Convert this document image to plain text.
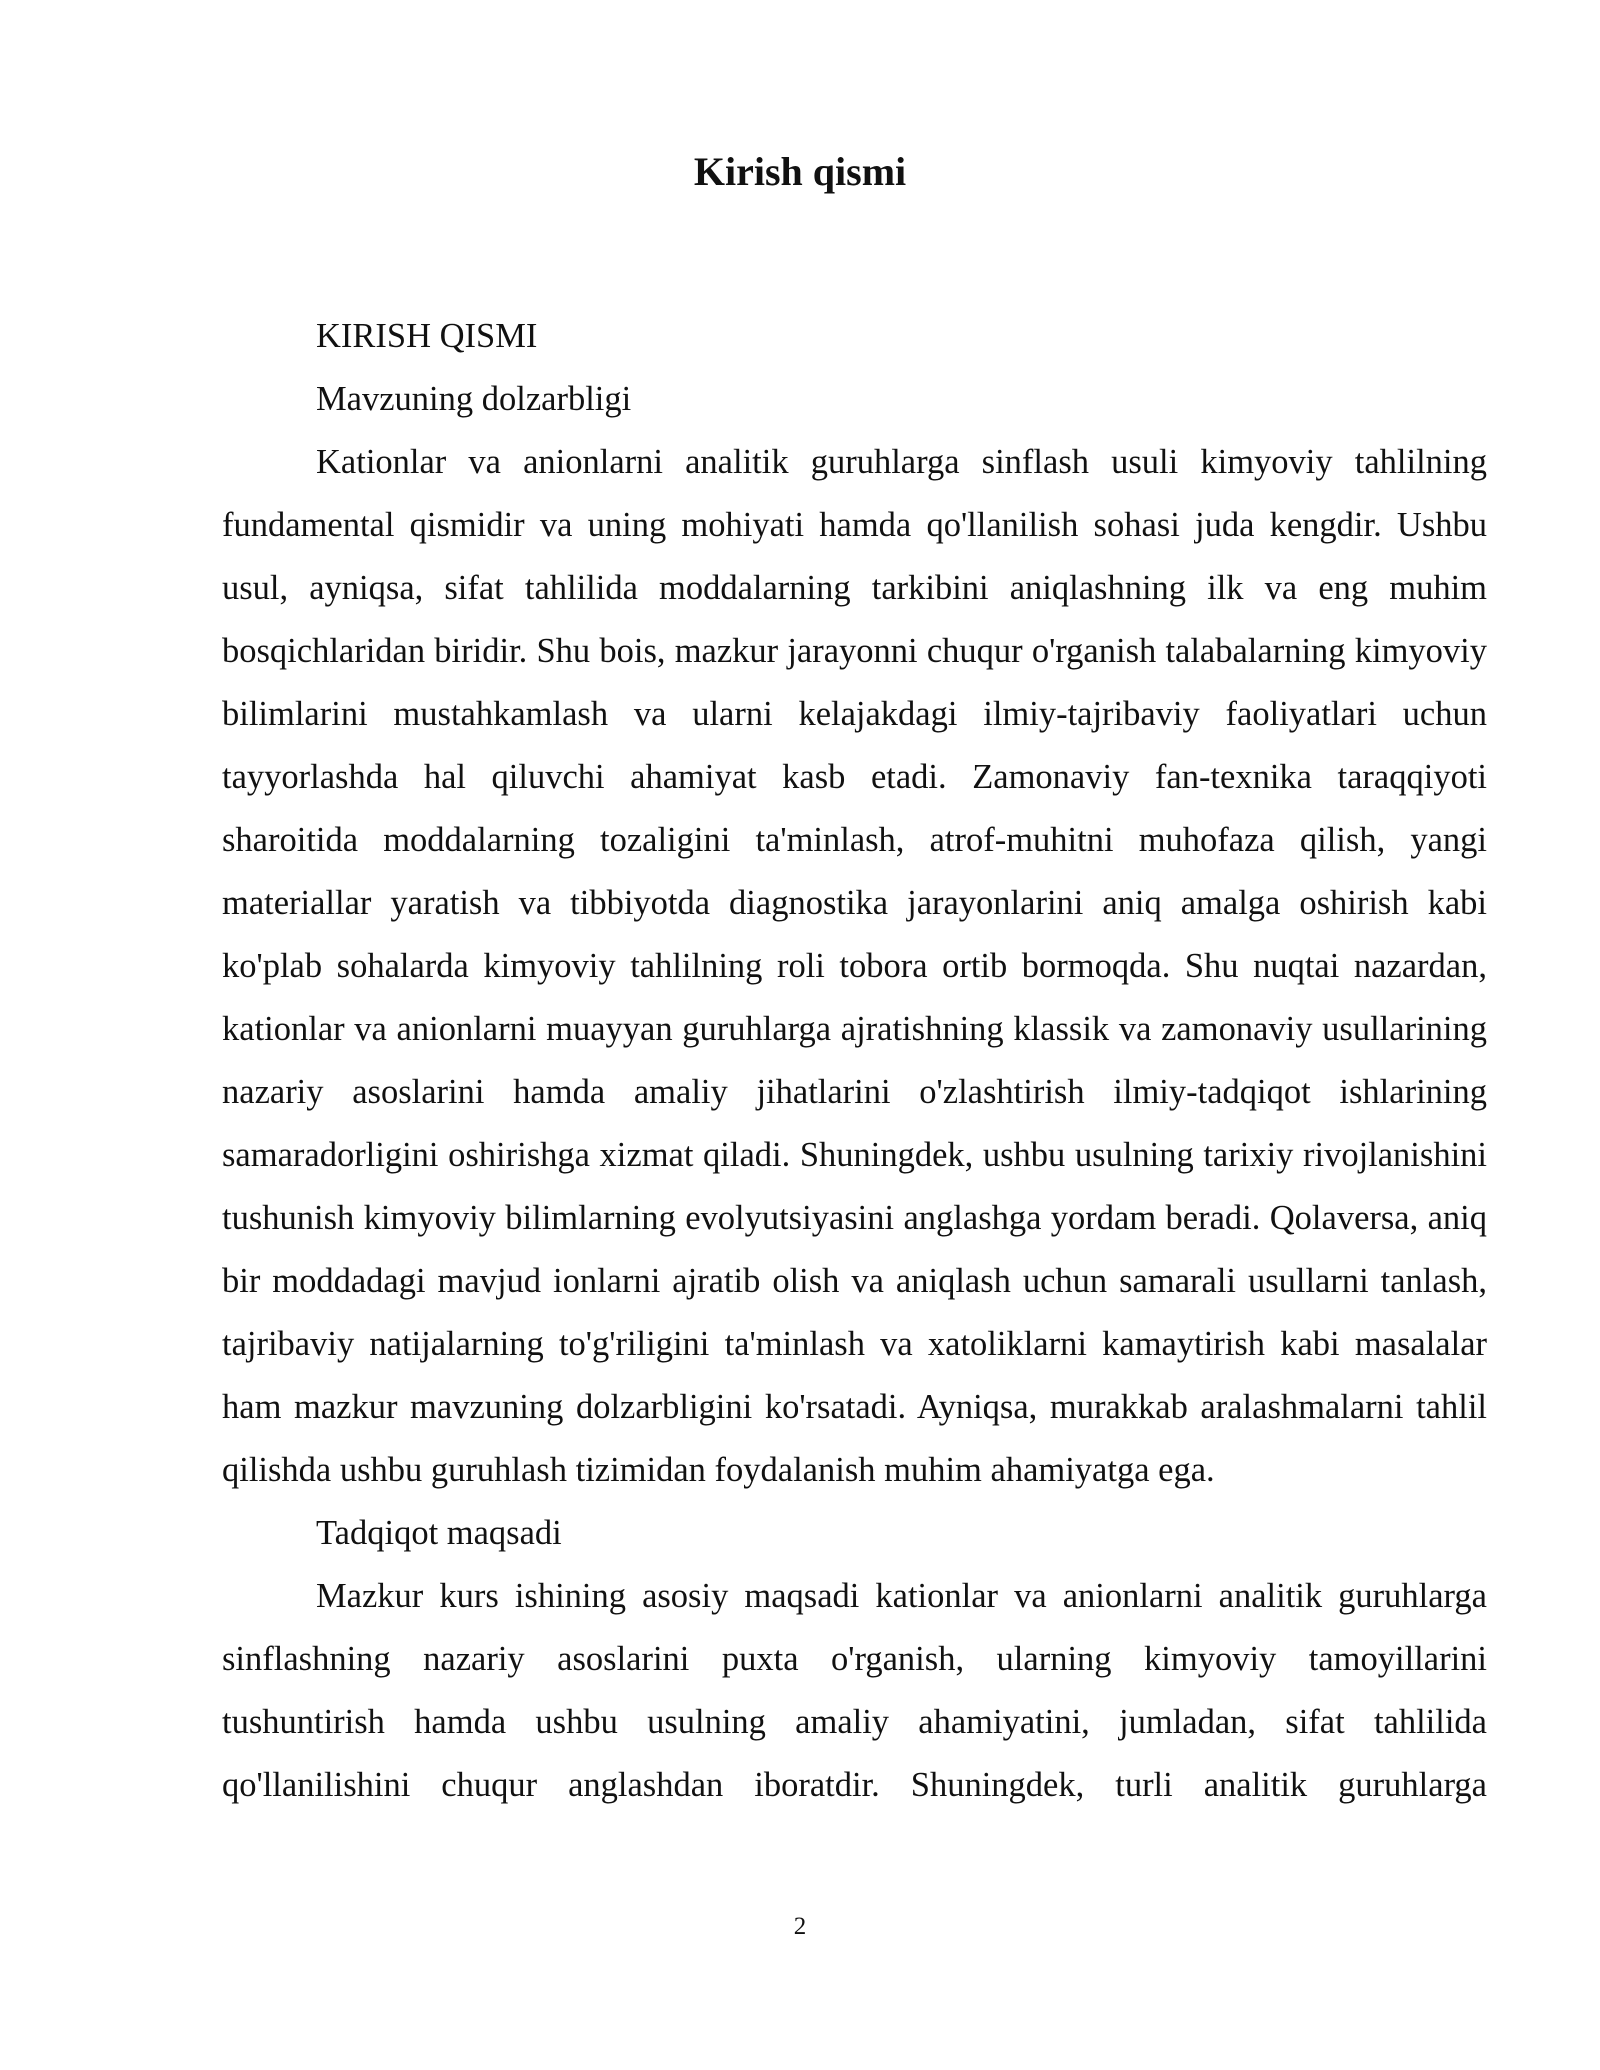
Kirish qismi

KIRISH QISMI

Mavzuning dolzarbligi

Kationlar va anionlarni analitik guruhlarga sinflash usuli kimyoviy tahlilning fundamental qismidir va uning mohiyati hamda qo'llanilish sohasi juda kengdir. Ushbu usul, ayniqsa, sifat tahlilida moddalarning tarkibini aniqlashning ilk va eng muhim bosqichlaridan biridir. Shu bois, mazkur jarayonni chuqur o'rganish talabalarning kimyoviy bilimlarini mustahkamlash va ularni kelajakdagi ilmiy-tajribaviy faoliyatlari uchun tayyorlashda hal qiluvchi ahamiyat kasb etadi. Zamonaviy fan-texnika taraqqiyoti sharoitida moddalarning tozaligini ta'minlash, atrof-muhitni muhofaza qilish, yangi materiallar yaratish va tibbiyotda diagnostika jarayonlarini aniq amalga oshirish kabi ko'plab sohalarda kimyoviy tahlilning roli tobora ortib bormoqda. Shu nuqtai nazardan, kationlar va anionlarni muayyan guruhlarga ajratishning klassik va zamonaviy usullarining nazariy asoslarini hamda amaliy jihatlarini o'zlashtirish ilmiy-tadqiqot ishlarining samaradorligini oshirishga xizmat qiladi. Shuningdek, ushbu usulning tarixiy rivojlanishini tushunish kimyoviy bilimlarning evolyutsiyasini anglashga yordam beradi. Qolaversa, aniq bir moddadagi mavjud ionlarni ajratib olish va aniqlash uchun samarali usullarni tanlash, tajribaviy natijalarning to'g'riligini ta'minlash va xatoliklarni kamaytirish kabi masalalar ham mazkur mavzuning dolzarbligini ko'rsatadi. Ayniqsa, murakkab aralashmalarni tahlil qilishda ushbu guruhlash tizimidan foydalanish muhim ahamiyatga ega.

Tadqiqot maqsadi

Mazkur kurs ishining asosiy maqsadi kationlar va anionlarni analitik guruhlarga sinflashning nazariy asoslarini puxta o'rganish, ularning kimyoviy tamoyillarini tushuntirish hamda ushbu usulning amaliy ahamiyatini, jumladan, sifat tahlilida qo'llanilishini chuqur anglashdan iboratdir. Shuningdek, turli analitik guruhlarga

2
